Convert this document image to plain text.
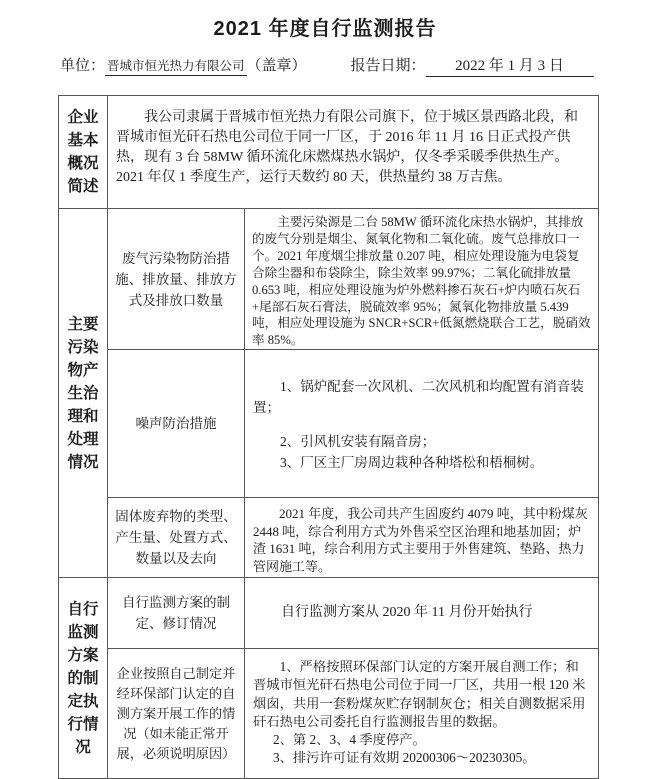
2021 年度自行监测报告
单位： 晋城市恒光热力有限公司 （盖章）	报告日期：	2022 年 1 月 3 日
企业基本概况简述	我公司隶属于晋城市恒光热力有限公司旗下，位于城区景西路北段，和晋城市恒光矸石热电公司位于同一厂区，于 2016 年 11 月 16 日正式投产供热，现有 3 台 58MW 循环流化床燃煤热水锅炉，仅冬季采暖季供热生产。2021 年仅 1 季度生产，运行天数约 80 天，供热量约 38 万吉焦。	

主要污染物产生治理和处理情况	废气污染物防治措施、排放量、排放方式及排放口数量	主要污染源是二台 58MW 循环流化床热水锅炉，其排放的废气分别是烟尘、氮氧化物和二氧化硫。废气总排放口一个。2021 年度烟尘排放量 0.207 吨，相应处理设施为电袋复合除尘器和布袋除尘，除尘效率 99.97%；二氧化硫排放量 0.653 吨，相应处理设施为炉外燃料掺石灰石+炉内喷石灰石+尾部石灰石膏法，脱硫效率 95%；氮氧化物排放量 5.439 吨，相应处理设施为 SNCR+SCR+低氮燃烧联合工艺，脱硝效率 85%。

	噪声防治措施	1、锅炉配套一次风机、二次风机和均配置有消音装置；

2、引风机安装有隔音房；

3、厂区主厂房周边栽种各种塔松和梧桐树。

	固体废弃物的类型、产生量、处置方式、数量以及去向	2021 年度，我公司共产生固废约 4079 吨，其中粉煤灰 2448 吨，综合利用方式为外售采空区治理和地基加固；炉渣 1631 吨，综合利用方式主要用于外售建筑、垫路、热力管网施工等。

自行监测方案的制定执行情况	自行监测方案的制定、修订情况	自行监测方案从 2020 年 11 月份开始执行

	企业按照自己制定并经环保部门认定的自测方案开展工作的情况（如未能正常开展，必须说明原因）	1、严格按照环保部门认定的方案开展自测工作；和晋城市恒光矸石热电公司位于同一厂区，共用一根 120 米烟囱，共用一套粉煤灰贮存钢制灰仓；相关自测数据采用矸石热电公司委托自行监测报告里的数据。

2、第 2、3、4 季度停产。

3、排污许可证有效期 20200306～20230305。
